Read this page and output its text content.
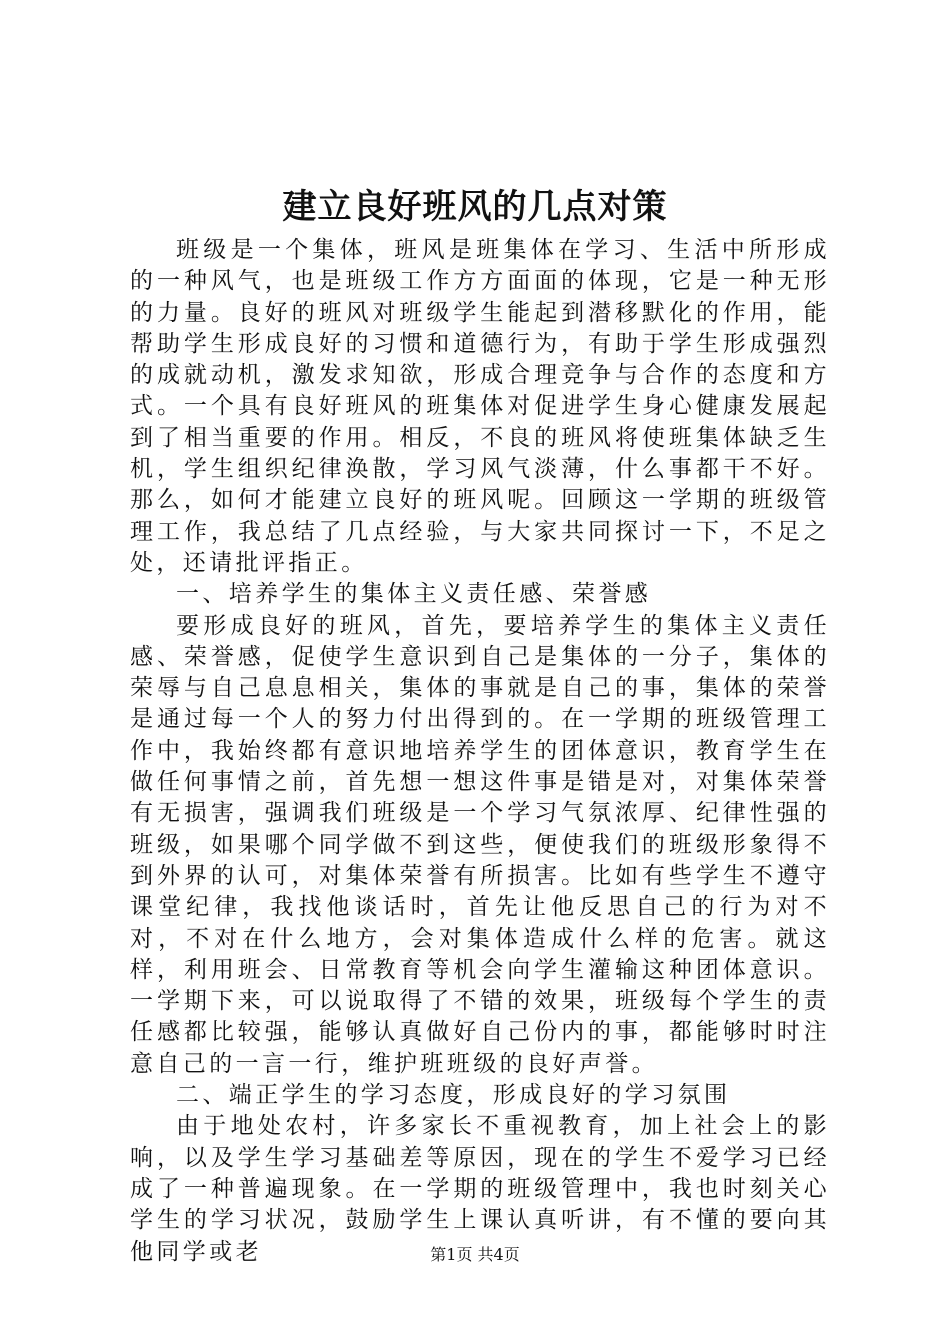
建立良好班风的几点对策

班级是一个集体，班风是班集体在学习、生活中所形成的一种风气，也是班级工作方方面面的体现，它是一种无形的力量。良好的班风对班级学生能起到潜移默化的作用，能帮助学生形成良好的习惯和道德行为，有助于学生形成强烈的成就动机，激发求知欲，形成合理竞争与合作的态度和方式。一个具有良好班风的班集体对促进学生身心健康发展起到了相当重要的作用。相反，不良的班风将使班集体缺乏生机，学生组织纪律涣散，学习风气淡薄，什么事都干不好。那么，如何才能建立良好的班风呢。回顾这一学期的班级管理工作，我总结了几点经验，与大家共同探讨一下，不足之处，还请批评指正。

一、培养学生的集体主义责任感、荣誉感

要形成良好的班风，首先，要培养学生的集体主义责任感、荣誉感，促使学生意识到自己是集体的一分子，集体的荣辱与自己息息相关，集体的事就是自己的事，集体的荣誉是通过每一个人的努力付出得到的。在一学期的班级管理工作中，我始终都有意识地培养学生的团体意识，教育学生在做任何事情之前，首先想一想这件事是错是对，对集体荣誉有无损害，强调我们班级是一个学习气氛浓厚、纪律性强的班级，如果哪个同学做不到这些，便使我们的班级形象得不到外界的认可，对集体荣誉有所损害。比如有些学生不遵守课堂纪律，我找他谈话时，首先让他反思自己的行为对不对，不对在什么地方，会对集体造成什么样的危害。就这样，利用班会、日常教育等机会向学生灌输这种团体意识。一学期下来，可以说取得了不错的效果，班级每个学生的责任感都比较强，能够认真做好自己份内的事，都能够时时注意自己的一言一行，维护班班级的良好声誉。

二、端正学生的学习态度，形成良好的学习氛围

由于地处农村，许多家长不重视教育，加上社会上的影响，以及学生学习基础差等原因，现在的学生不爱学习已经成了一种普遍现象。在一学期的班级管理中，我也时刻关心学生的学习状况，鼓励学生上课认真听讲，有不懂的要向其他同学或老	第1页 共4页
